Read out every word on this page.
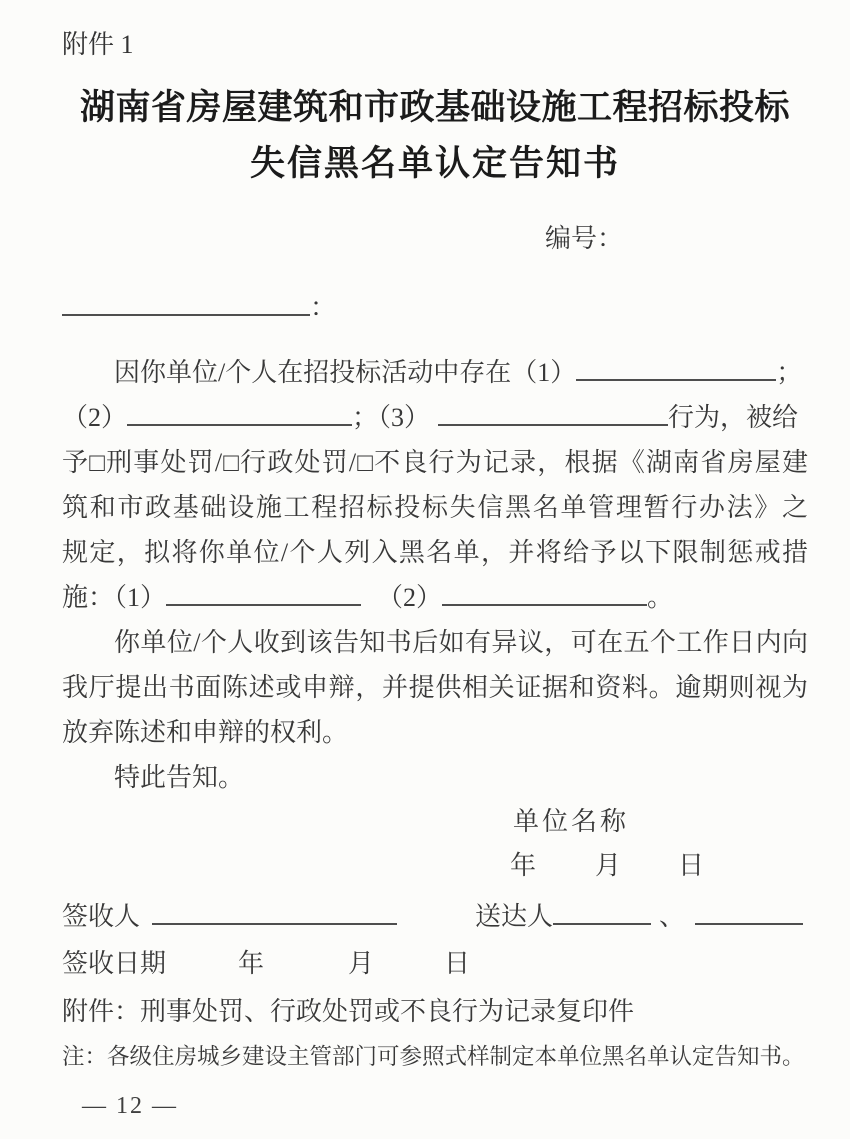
附件 1
湖南省房屋建筑和市政基础设施工程招标投标
失信黑名单认定告知书
编号：
：
因你单位/个人在招投标活动中存在（1）	；
（2）	；（3）	行为，被给
予□刑事处罚/□行政处罚/□不良行为记录，根据《湖南省房屋建
筑和市政基础设施工程招标投标失信黑名单管理暂行办法》之
规定，拟将你单位/个人列入黑名单，并将给予以下限制惩戒措
施：（1）	（2）	。
你单位/个人收到该告知书后如有异议，可在五个工作日内向
我厅提出书面陈述或申辩，并提供相关证据和资料。逾期则视为
放弃陈述和申辩的权利。
特此告知。
单位名称
年 月 日
签收人	送达人	、
签收日期	年	月	日
附件：刑事处罚、行政处罚或不良行为记录复印件
注：各级住房城乡建设主管部门可参照式样制定本单位黑名单认定告知书。
— 12 —
